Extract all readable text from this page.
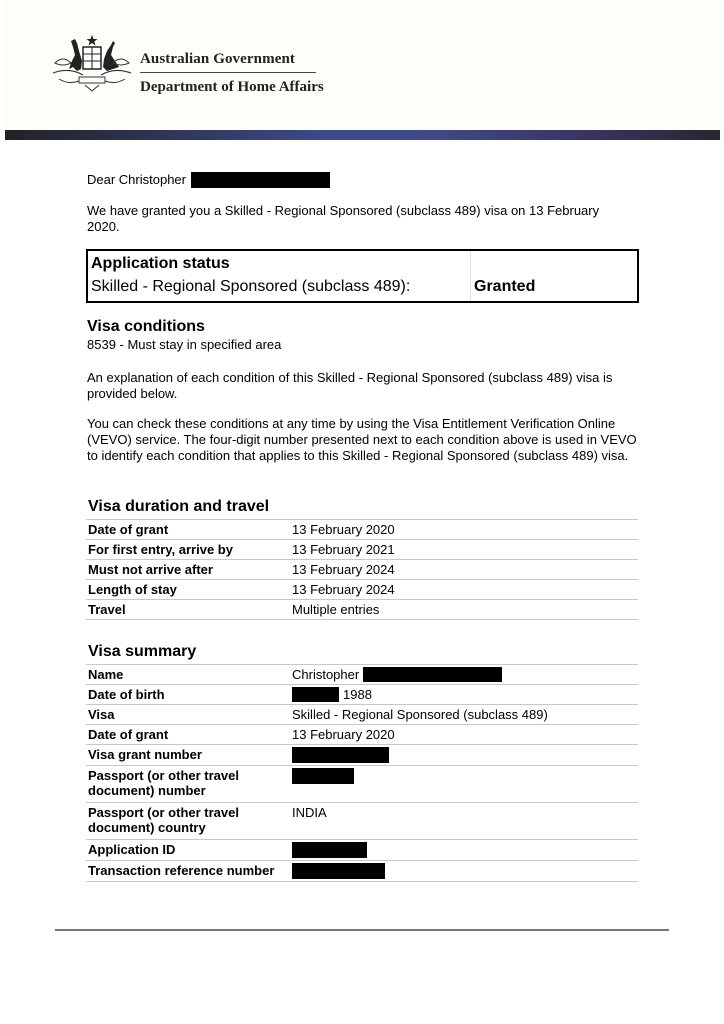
Australian Government
Department of Home Affairs
Dear Christopher
We have granted you a Skilled - Regional Sponsored (subclass 489) visa on 13 February 2020.
Application status
Skilled - Regional Sponsored (subclass 489):	Granted
Visa conditions
8539 - Must stay in specified area
An explanation of each condition of this Skilled - Regional Sponsored (subclass 489) visa is provided below.
You can check these conditions at any time by using the Visa Entitlement Verification Online (VEVO) service. The four-digit number presented next to each condition above is used in VEVO to identify each condition that applies to this Skilled - Regional Sponsored (subclass 489) visa.
Visa duration and travel
Date of grant	13 February 2020
For first entry, arrive by	13 February 2021
Must not arrive after	13 February 2024
Length of stay	13 February 2024
Travel	Multiple entries
Visa summary
Name	Christopher
Date of birth	1988
Visa	Skilled - Regional Sponsored (subclass 489)
Date of grant	13 February 2020
Visa grant number	
Passport (or other travel document) number	
Passport (or other travel document) country	INDIA
Application ID	
Transaction reference number	
